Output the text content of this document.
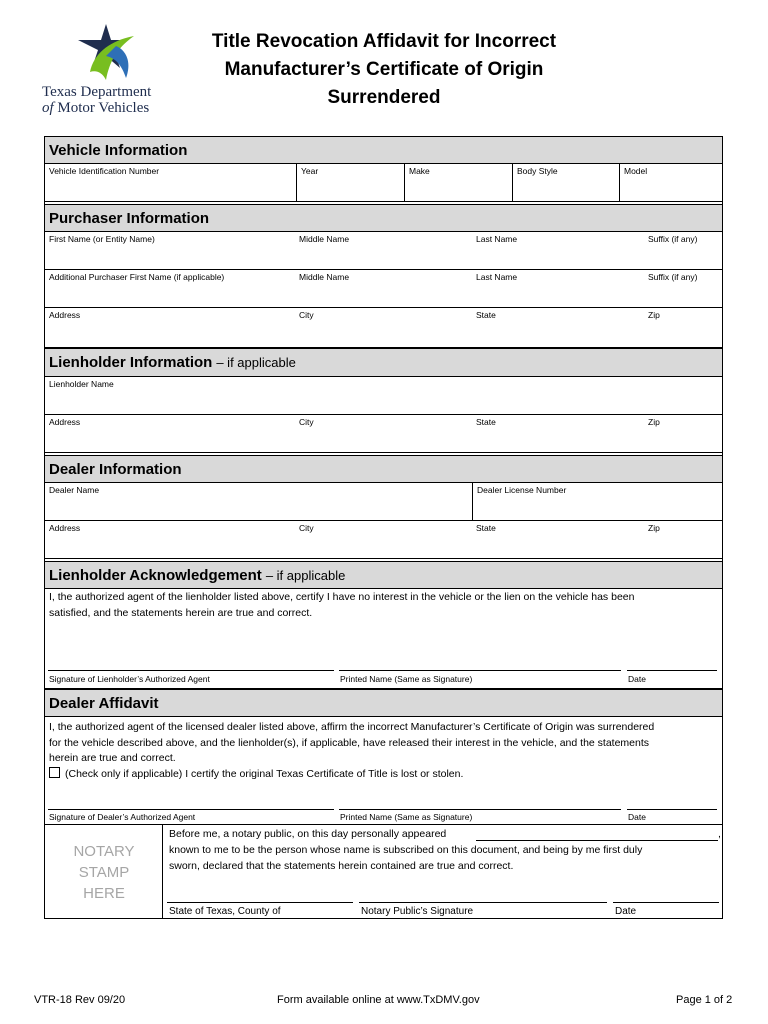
Texas Department
of Motor Vehicles
Title Revocation Affidavit for Incorrect
Manufacturer’s Certificate of Origin
Surrendered
Vehicle Information
Vehicle Identification Number	Year	Make	Body Style	Model
Purchaser Information
First Name (or Entity Name)	Middle Name	Last Name	Suffix (if any)
Additional Purchaser First Name (if applicable)	Middle Name	Last Name	Suffix (if any)
Address	City	State	Zip
Lienholder Information – if applicable
Lienholder Name
Address	City	State	Zip
Dealer Information
Dealer Name	Dealer License Number
Address	City	State	Zip
Lienholder Acknowledgement – if applicable
I, the authorized agent of the lienholder listed above, certify I have no interest in the vehicle or the lien on the vehicle has been
satisfied, and the statements herein are true and correct.
Signature of Lienholder’s Authorized Agent	Printed Name (Same as Signature)	Date
Dealer Affidavit
I, the authorized agent of the licensed dealer listed above, affirm the incorrect Manufacturer’s Certificate of Origin was surrendered
for the vehicle described above, and the lienholder(s), if applicable, have released their interest in the vehicle, and the statements
herein are true and correct.
(Check only if applicable) I certify the original Texas Certificate of Title is lost or stolen.
Signature of Dealer’s Authorized Agent	Printed Name (Same as Signature)	Date
NOTARY
STAMP
HERE
Before me, a notary public, on this day personally appeared	,
known to me to be the person whose name is subscribed on this document, and being by me first duly
sworn, declared that the statements herein contained are true and correct.
State of Texas, County of	Notary Public’s Signature	Date
VTR-18 Rev 09/20	Form available online at www.TxDMV.gov	Page 1 of 2
